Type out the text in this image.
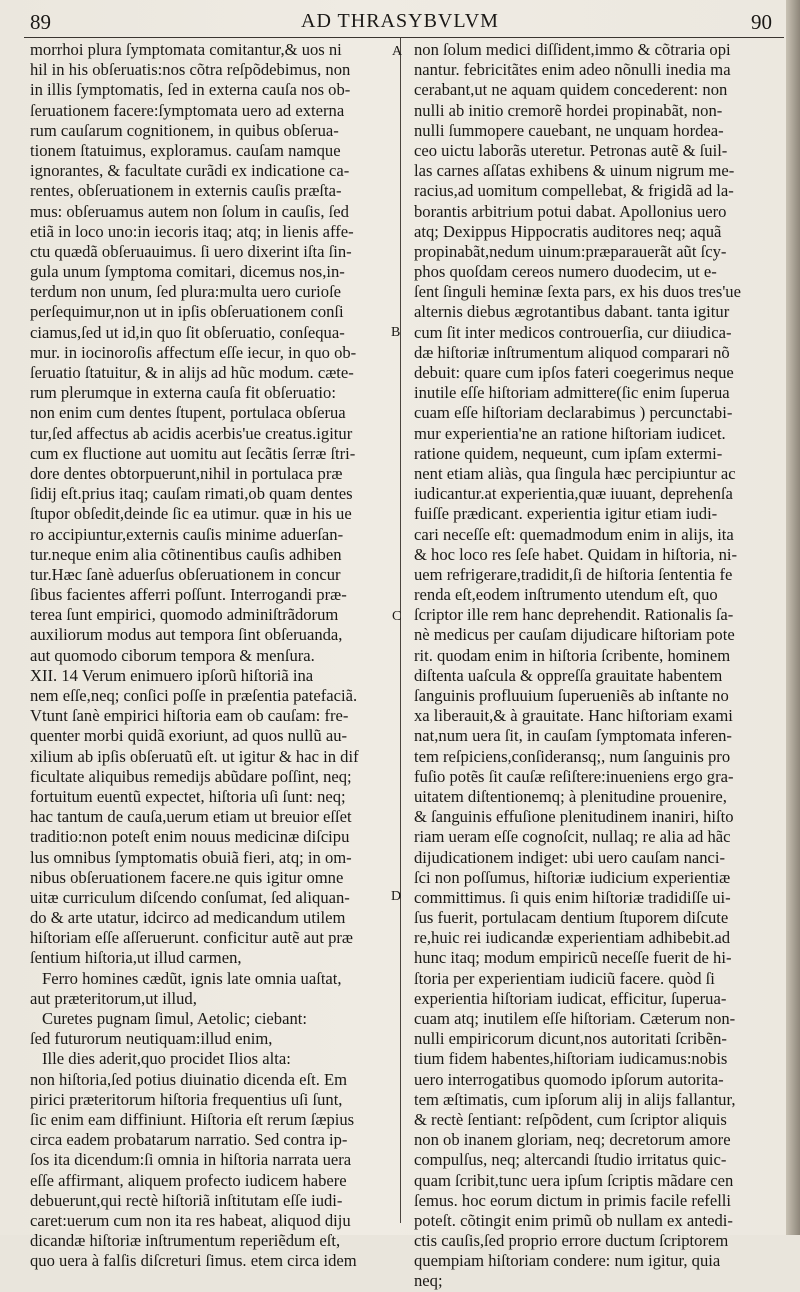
89	AD THRASYBVLVM	90
morrhoi plura ſymptomata comitantur,& uos ni
hil in his obſeruatis:nos cõtra reſpõdebimus, non
in illis ſymptomatis, ſed in externa cauſa nos ob-
ſeruationem facere:ſymptomata uero ad externa
rum cauſarum cognitionem, in quibus obſerua-
tionem ſtatuimus, exploramus. cauſam namque
ignorantes, & facultate curãdi ex indicatione ca-
rentes, obſeruationem in externis cauſis præſta-
mus: obſeruamus autem non ſolum in cauſis, ſed
etiã in loco uno:in iecoris itaq; atq; in lienis affe-
ctu quædã obſeruauimus. ſi uero dixerint iſta ſin-
gula unum ſymptoma comitari, dicemus nos,in-
terdum non unum, ſed plura:multa uero curioſe
perſequimur,non ut in ipſis obſeruationem conſi
ciamus,ſed ut id,in quo ſit obſeruatio, conſequa-
mur. in iocinoroſis affectum eſſe iecur, in quo ob-
ſeruatio ſtatuitur, & in alijs ad hũc modum. cæte-
rum plerumque in externa cauſa fit obſeruatio:
non enim cum dentes ſtupent, portulaca obſerua
tur,ſed affectus ab acidis acerbis'ue creatus.igitur
cum ex fluctione aut uomitu aut ſecãtis ſerræ ſtri-
dore dentes obtorpuerunt,nihil in portulaca præ
ſidij eſt.prius itaq; cauſam rimati,ob quam dentes
ſtupor obſedit,deinde ſic ea utimur. quæ in his ue
ro accipiuntur,externis cauſis minime aduerſan-
tur.neque enim alia cõtinentibus cauſis adhiben
tur.Hæc ſanè aduerſus obſeruationem in concur
ſibus facientes afferri poſſunt. Interrogandi præ-
terea ſunt empirici, quomodo adminiſtrãdorum
auxiliorum modus aut tempora ſint obſeruanda,
aut quomodo ciborum tempora & menſura.
XII. 14 Verum enimuero ipſorũ hiſtoriã ina
nem eſſe,neq; conſici poſſe in præſentia patefaciã.
Vtunt ſanè empirici hiſtoria eam ob cauſam: fre-
quenter morbi quidã exoriunt, ad quos nullũ au-
xilium ab ipſis obſeruatũ eſt. ut igitur & hac in dif
ficultate aliquibus remedijs abũdare poſſint, neq;
fortuitum euentũ expectet, hiſtoria uſi ſunt: neq;
hac tantum de cauſa,uerum etiam ut breuior eſſet
traditio:non poteſt enim nouus medicinæ diſcipu
lus omnibus ſymptomatis obuiã fieri, atq; in om-
nibus obſeruationem facere.ne quis igitur omne
uitæ curriculum diſcendo conſumat, ſed aliquan-
do & arte utatur, idcirco ad medicandum utilem
hiſtoriam eſſe aſſeruerunt. conficitur autẽ aut præ
ſentium hiſtoria,ut illud carmen,
Ferro homines cædũt, ignis late omnia uaſtat,
aut præteritorum,ut illud,
Curetes pugnam ſimul, Aetolic; ciebant:
ſed futurorum neutiquam:illud enim,
Ille dies aderit,quo procidet Ilios alta:
non hiſtoria,ſed potius diuinatio dicenda eſt. Em
pirici præteritorum hiſtoria frequentius uſi ſunt,
ſic enim eam diffiniunt. Hiſtoria eſt rerum ſæpius
circa eadem probatarum narratio. Sed contra ip-
ſos ita dicendum:ſi omnia in hiſtoria narrata uera
eſſe affirmant, aliquem profecto iudicem habere
debuerunt,qui rectè hiſtoriã inſtitutam eſſe iudi-
caret:uerum cum non ita res habeat, aliquod diju
dicandæ hiſtoriæ inſtrumentum reperiẽdum eſt,
quo uera à falſis diſcreturi ſimus. etem circa idem
non ſolum medici diſſident,immo & cõtraria opi
nantur. febricitãtes enim adeo nõnulli inedia ma
cerabant,ut ne aquam quidem concederent: non
nulli ab initio cremorẽ hordei propinabãt, non-
nulli ſummopere cauebant, ne unquam hordea-
ceo uictu laborãs uteretur. Petronas autẽ & ſuil-
las carnes aſſatas exhibens & uinum nigrum me-
racius,ad uomitum compellebat, & frigidã ad la-
borantis arbitrium potui dabat. Apollonius uero
atq; Dexippus Hippocratis auditores neq; aquã
propinabãt,nedum uinum:præparauerãt aũt ſcy-
phos quoſdam cereos numero duodecim, ut e-
ſent ſinguli heminæ ſexta pars, ex his duos tres'ue
alternis diebus ægrotantibus dabant. tanta igitur
cum ſit inter medicos controuerſia, cur diiudica-
dæ hiſtoriæ inſtrumentum aliquod comparari nõ
debuit: quare cum ipſos fateri coegerimus neque
inutile eſſe hiſtoriam admittere(ſic enim ſuperua
cuam eſſe hiſtoriam declarabimus ) percunctabi-
mur experientia'ne an ratione hiſtoriam iudicet.
ratione quidem, nequeunt, cum ipſam extermi-
nent etiam aliàs, qua ſingula hæc percipiuntur ac
iudicantur.at experientia,quæ iuuant, deprehenſa
fuiſſe prædicant. experientia igitur etiam iudi-
cari neceſſe eſt: quemadmodum enim in alijs, ita
& hoc loco res ſeſe habet. Quidam in hiſtoria, ni-
uem refrigerare,tradidit,ſi de hiſtoria ſententia fe
renda eſt,eodem inſtrumento utendum eſt, quo
ſcriptor ille rem hanc deprehendit. Rationalis ſa-
nè medicus per cauſam dijudicare hiſtoriam pote
rit. quodam enim in hiſtoria ſcribente, hominem
diſtenta uaſcula & oppreſſa grauitate habentem
ſanguinis profluuium ſuperueniẽs ab inſtante no
xa liberauit,& à grauitate. Hanc hiſtoriam exami
nat,num uera ſit, in cauſam ſymptomata inferen-
tem reſpiciens,conſideransq;, num ſanguinis pro
fuſio potẽs ſit cauſæ reſiſtere:inueniens ergo gra-
uitatem diſtentionemq; à plenitudine prouenire,
& ſanguinis effuſione plenitudinem inaniri, hiſto
riam ueram eſſe cognoſcit, nullaq; re alia ad hãc
dijudicationem indiget: ubi uero cauſam nanci-
ſci non poſſumus, hiſtoriæ iudicium experientiæ
committimus. ſi quis enim hiſtoriæ tradidiſſe ui-
ſus fuerit, portulacam dentium ſtuporem diſcute
re,huic rei iudicandæ experientiam adhibebit.ad
hunc itaq; modum empiricũ neceſſe fuerit de hi-
ſtoria per experientiam iudiciũ facere. quòd ſi
experientia hiſtoriam iudicat, efficitur, ſuperua-
cuam atq; inutilem eſſe hiſtoriam. Cæterum non-
nulli empiricorum dicunt,nos autoritati ſcribẽn-
tium fidem habentes,hiſtoriam iudicamus:nobis
uero interrogatibus quomodo ipſorum autorita-
tem æſtimatis, cum ipſorum alij in alijs fallantur,
& rectè ſentiant: reſpõdent, cum ſcriptor aliquis
non ob inanem gloriam, neq; decretorum amore
compulſus, neq; altercandi ſtudio irritatus quic-
quam ſcribit,tunc uera ipſum ſcriptis mãdare cen
ſemus. hoc eorum dictum in primis facile refelli
poteſt. cõtingit enim primũ ob nullam ex antedi-
ctis cauſis,ſed proprio errore ductum ſcriptorem
quempiam hiſtoriam condere: num igitur, quia
neq;
A
B
C
D
